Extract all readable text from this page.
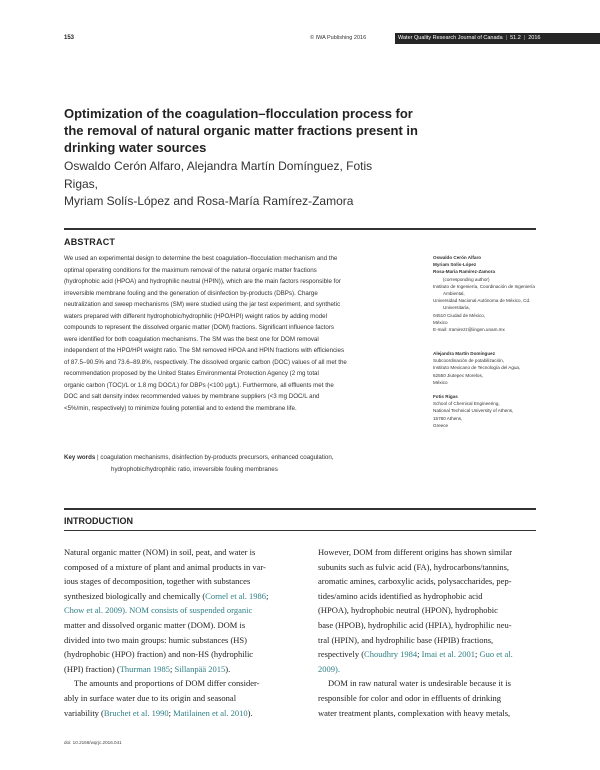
153	© IWA Publishing 2016	Water Quality Research Journal of Canada | 51.2 | 2016
Optimization of the coagulation–flocculation process for
the removal of natural organic matter fractions present in
drinking water sources
Oswaldo Cerón Alfaro, Alejandra Martín Domínguez, Fotis Rigas,
Myriam Solís-López and Rosa-María Ramírez-Zamora
ABSTRACT
We used an experimental design to determine the best coagulation–flocculation mechanism and the
optimal operating conditions for the maximum removal of the natural organic matter fractions
(hydrophobic acid (HPOA) and hydrophilic neutral (HPIN)), which are the main factors responsible for
irreversible membrane fouling and the generation of disinfection by-products (DBPs). Charge
neutralization and sweep mechanisms (SM) were studied using the jar test experiment, and synthetic
waters prepared with different hydrophobic/hydrophilic (HPO/HPI) weight ratios by adding model
compounds to represent the dissolved organic matter (DOM) fractions. Significant influence factors
were identified for both coagulation mechanisms. The SM was the best one for DOM removal
independent of the HPO/HPI weight ratio. The SM removed HPOA and HPIN fractions with efficiencies
of 87.5–90.5% and 73.6–89.8%, respectively. The dissolved organic carbon (DOC) values of all met the
recommendation proposed by the United States Environmental Protection Agency (2 mg total
organic carbon (TOC)/L or 1.8 mg DOC/L) for DBPs (<100 μg/L). Furthermore, all effluents met the
DOC and salt density index recommended values by membrane suppliers (<3 mg DOC/L and
<5%/min, respectively) to minimize fouling potential and to extend the membrane life.
Key words | coagulation mechanisms, disinfection by-products precursors, enhanced coagulation,
hydrophobic/hydrophilic ratio, irreversible fouling membranes
Oswaldo Cerón Alfaro
Myriam Solís-López
Rosa-María Ramírez-Zamora
(corresponding author)
Instituto de Ingeniería, Coordinación de Ingeniería
Ambiental,
Universidad Nacional Autónoma de México, Cd.
Universitaria,
04510 Ciudad de México,
México
E-mail: rramirezz@iingen.unam.mx
Alejandra Martín Domínguez
Subcoordinación de potabilización,
Instituto Mexicano de Tecnología del Agua,
62550 Jiutepec Morelos,
México
Fotis Rigas
School of Chemical Engineering,
National Technical University of Athens,
15780 Athens,
Greece
INTRODUCTION
Natural organic matter (NOM) in soil, peat, and water is
composed of a mixture of plant and animal products in var-
ious stages of decomposition, together with substances
synthesized biologically and chemically (Cornel et al. 1986;
Chow et al. 2009). NOM consists of suspended organic
matter and dissolved organic matter (DOM). DOM is
divided into two main groups: humic substances (HS)
(hydrophobic (HPO) fraction) and non-HS (hydrophilic
(HPI) fraction) (Thurman 1985; Sillanpää 2015).
The amounts and proportions of DOM differ consider-
ably in surface water due to its origin and seasonal
variability (Bruchet et al. 1990; Matilainen et al. 2010).
However, DOM from different origins has shown similar
subunits such as fulvic acid (FA), hydrocarbons/tannins,
aromatic amines, carboxylic acids, polysaccharides, pep-
tides/amino acids identified as hydrophobic acid
(HPOA), hydrophobic neutral (HPON), hydrophobic
base (HPOB), hydrophilic acid (HPIA), hydrophilic neu-
tral (HPIN), and hydrophilic base (HPIB) fractions,
respectively (Choudhry 1984; Imai et al. 2001; Guo et al.
2009).
DOM in raw natural water is undesirable because it is
responsible for color and odor in effluents of drinking
water treatment plants, complexation with heavy metals,
doi: 10.2166/wqrjc.2016.041
